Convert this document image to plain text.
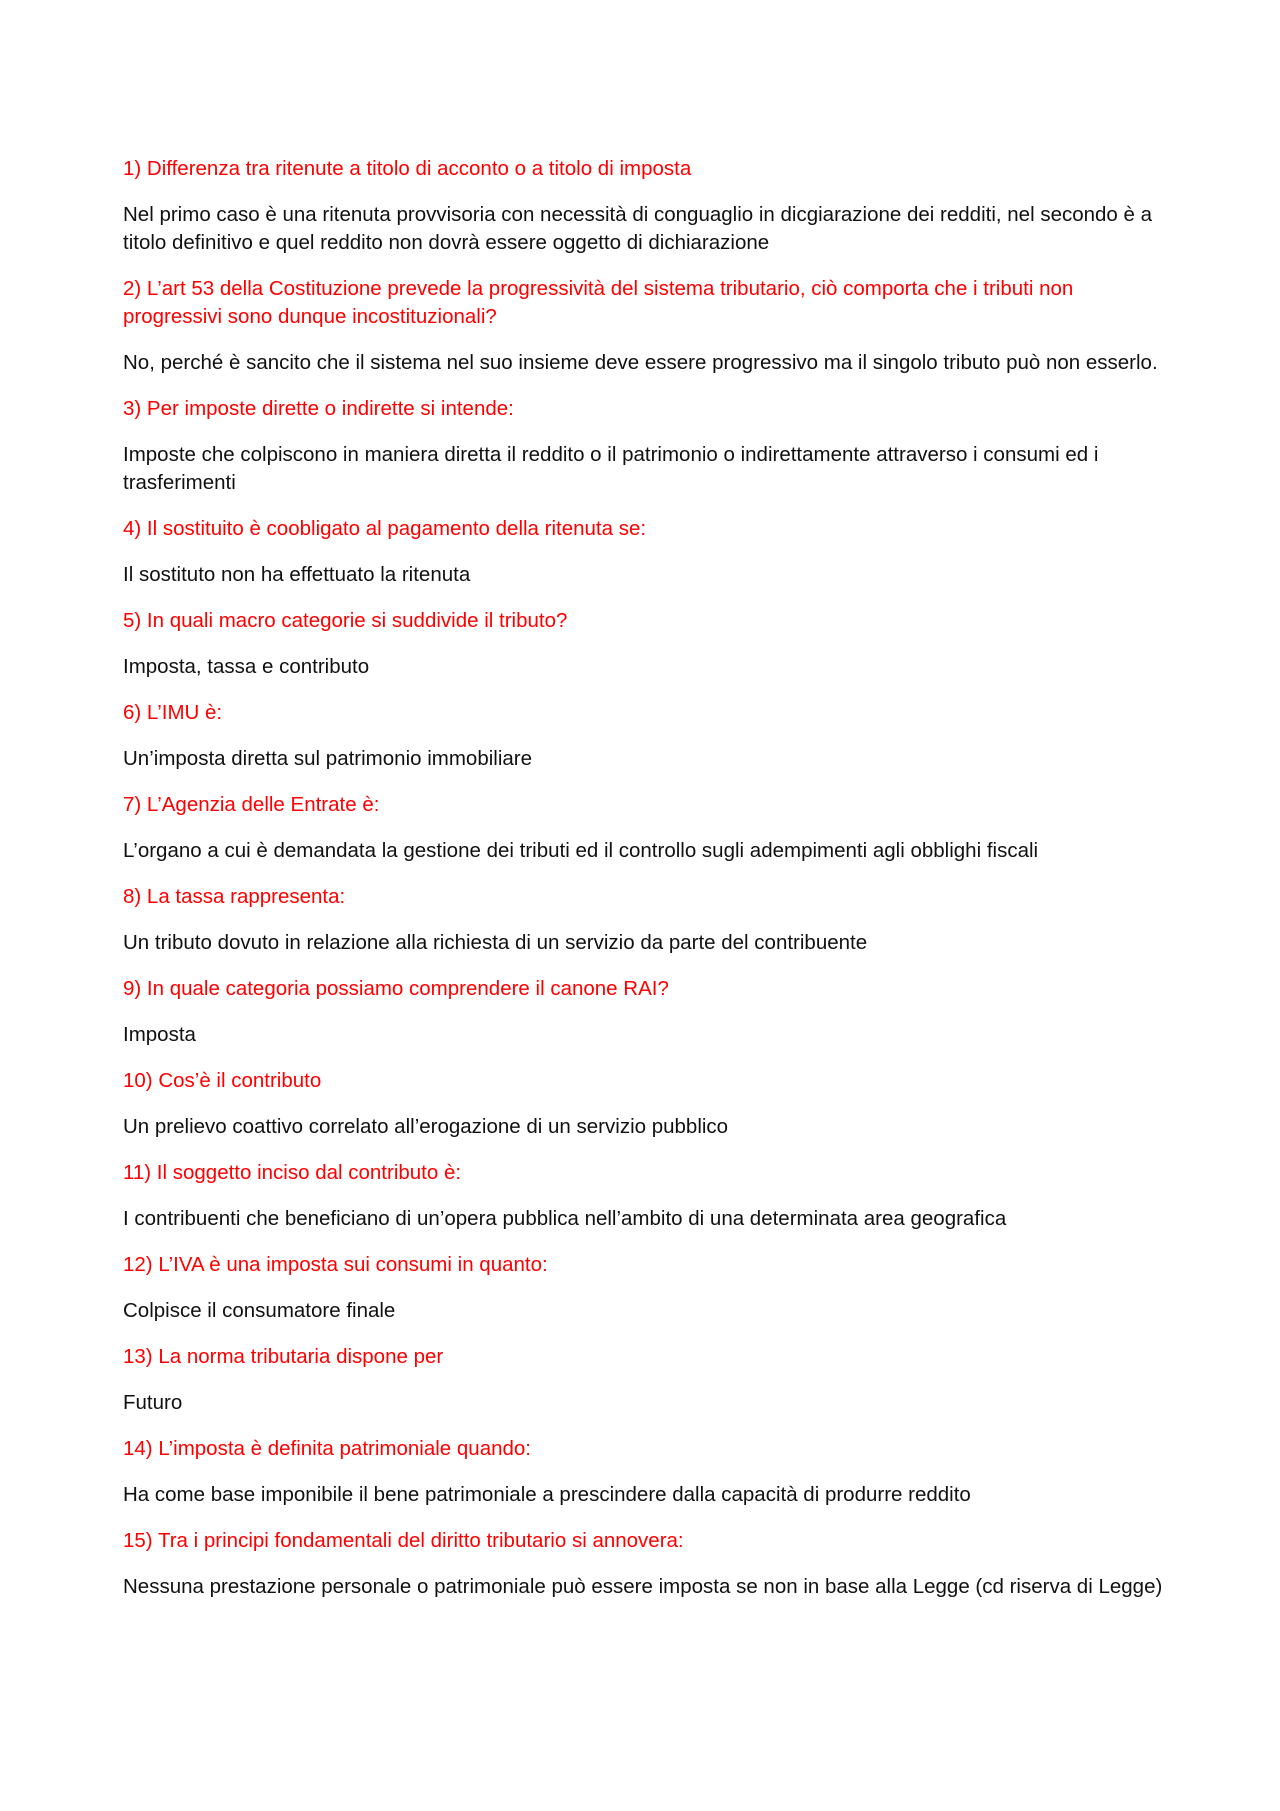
1) Differenza tra ritenute a titolo di acconto o a titolo di imposta

Nel primo caso è una ritenuta provvisoria con necessità di conguaglio in dicgiarazione dei redditi, nel secondo è a titolo definitivo e quel reddito non dovrà essere oggetto di dichiarazione

2) L’art 53 della Costituzione prevede la progressività del sistema tributario, ciò comporta che i tributi non progressivi sono dunque incostituzionali?

No, perché è sancito che il sistema nel suo insieme deve essere progressivo ma il singolo tributo può non esserlo.

3) Per imposte dirette o indirette si intende:

Imposte che colpiscono in maniera diretta il reddito o il patrimonio o indirettamente attraverso i consumi ed i trasferimenti

4) Il sostituito è coobligato al pagamento della ritenuta se:

Il sostituto non ha effettuato la ritenuta

5) In quali macro categorie si suddivide il tributo?

Imposta, tassa e contributo

6) L’IMU è:

Un’imposta diretta sul patrimonio immobiliare

7) L’Agenzia delle Entrate è:

L’organo a cui è demandata la gestione dei tributi ed il controllo sugli adempimenti agli obblighi fiscali

8) La tassa rappresenta:

Un tributo dovuto in relazione alla richiesta di un servizio da parte del contribuente

9) In quale categoria possiamo comprendere il canone RAI?

Imposta

10) Cos’è il contributo

Un prelievo coattivo correlato all’erogazione di un servizio pubblico

11) Il soggetto inciso dal contributo è:

I contribuenti che beneficiano di un’opera pubblica nell’ambito di una determinata area geografica

12) L’IVA è una imposta sui consumi in quanto:

Colpisce il consumatore finale

13) La norma tributaria dispone per

Futuro

14) L’imposta è definita patrimoniale quando:

Ha come base imponibile il bene patrimoniale a prescindere dalla capacità di produrre reddito

15) Tra i principi fondamentali del diritto tributario si annovera:

Nessuna prestazione personale o patrimoniale può essere imposta se non in base alla Legge (cd riserva di Legge)
